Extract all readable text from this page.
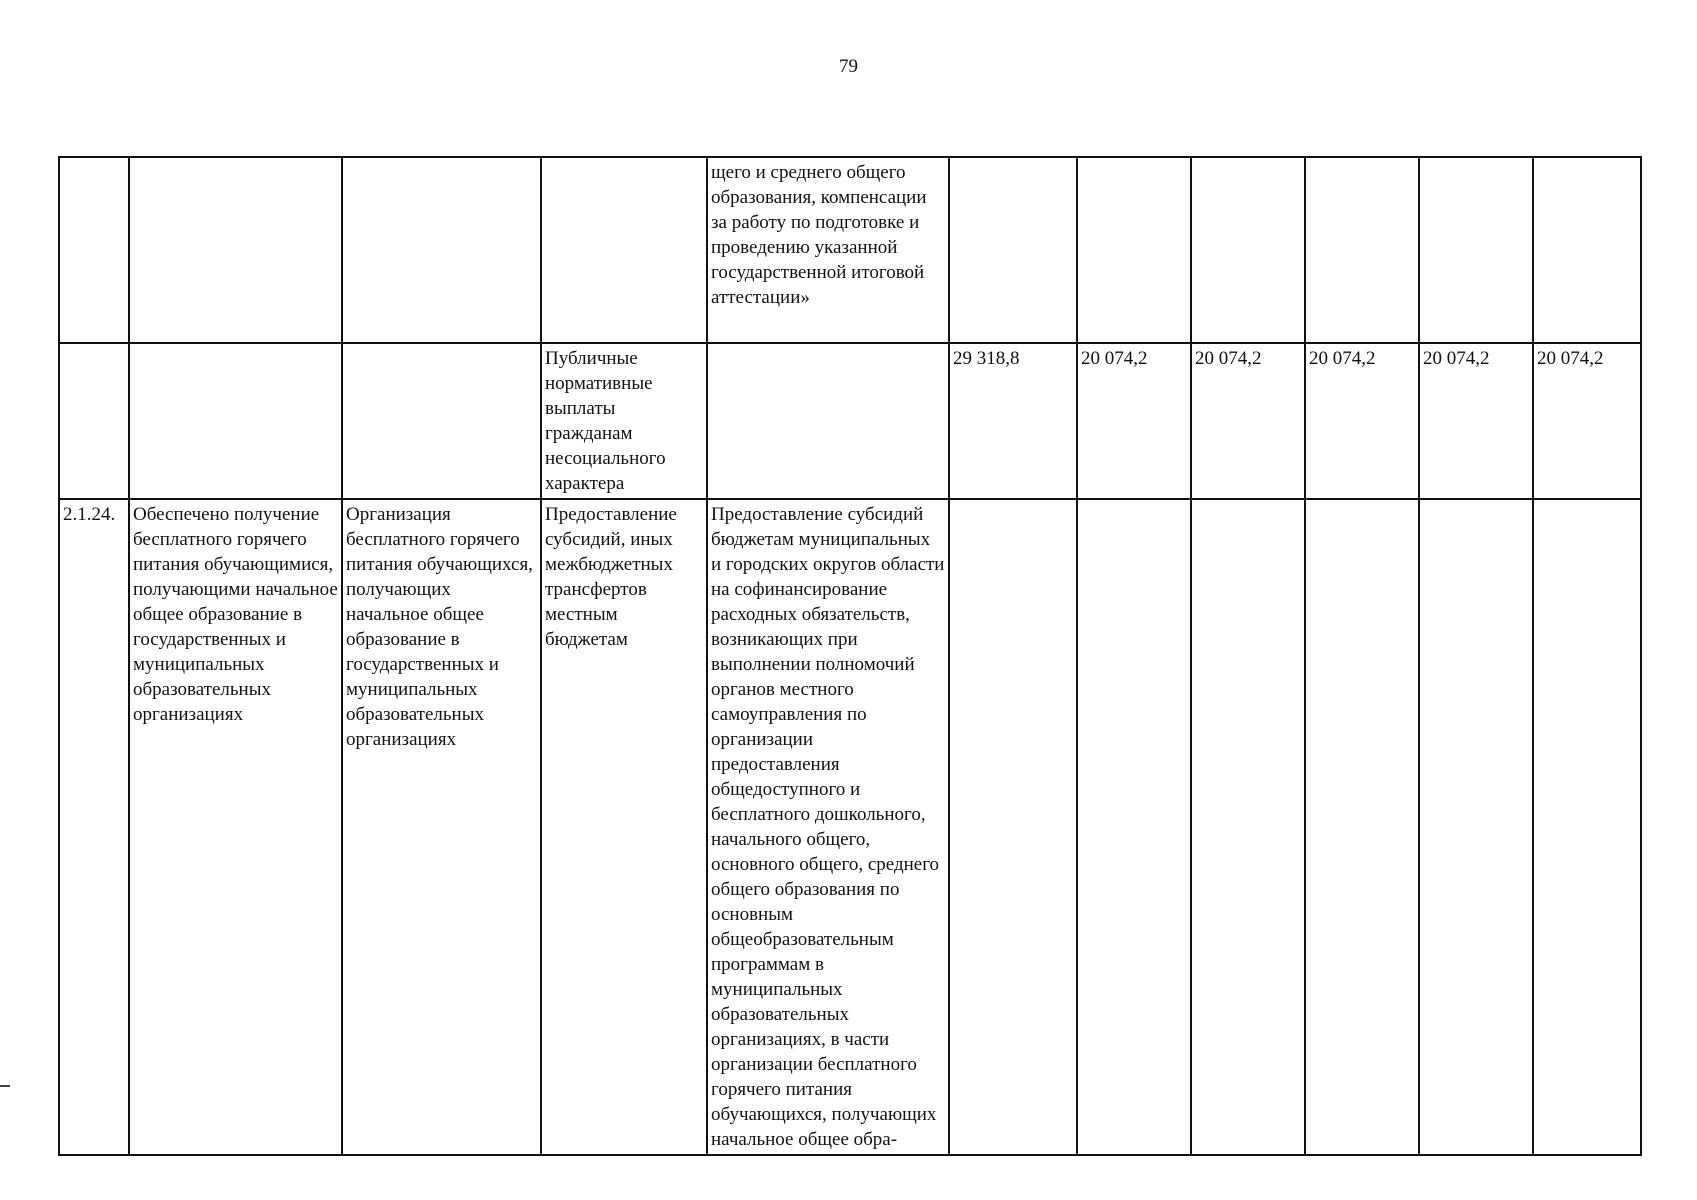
79
				щего и среднего общего образования, компенсации за работу по подготовке и проведению указанной государственной итоговой аттестации»						
			Публичные нормативные выплаты гражданам несоциального характера		29 318,8	20 074,2	20 074,2	20 074,2	20 074,2	20 074,2
2.1.24.	Обеспечено получение бесплатного горячего питания обучающимися, получающими начальное общее образование в государственных и муниципальных образовательных организациях	Организация бесплатного горячего питания обучающихся, получающих начальное общее образование в государственных и муниципальных образовательных организациях	Предоставление субсидий, иных межбюджетных трансфертов местным бюджетам	Предоставление субсидий бюджетам муниципальных и городских округов области на софинансирование расходных обязательств, возникающих при выполнении полномочий органов местного самоуправления по организации предоставления общедоступного и бесплатного дошкольного, начального общего, основного общего, среднего общего образования по основным общеобразовательным программам в муниципальных образовательных организациях, в части организации бесплатного горячего питания обучающихся, получающих начальное общее обра-						
